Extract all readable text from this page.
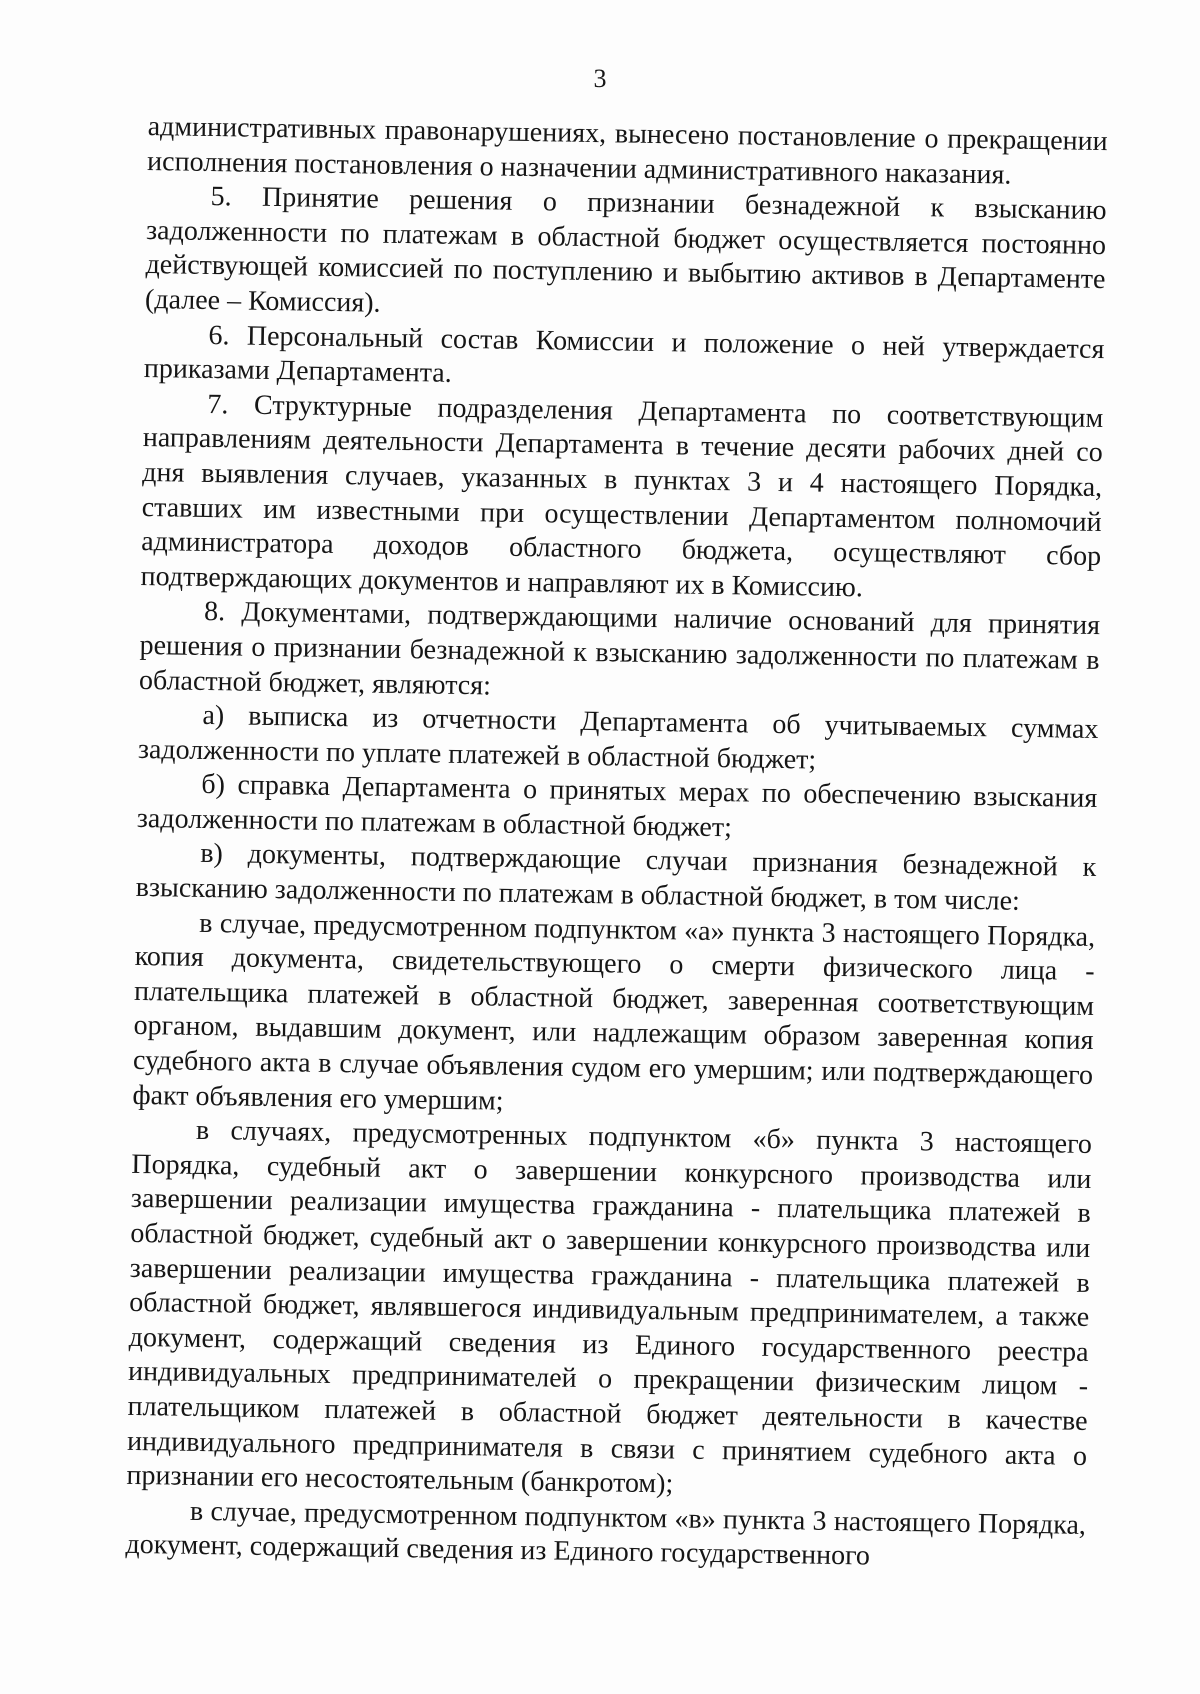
3

административных правонарушениях, вынесено постановление о прекращении исполнения постановления о назначении административного наказания.

5. Принятие решения о признании безнадежной к взысканию задолженности по платежам в областной бюджет осуществляется постоянно действующей комиссией по поступлению и выбытию активов в Департаменте (далее – Комиссия).

6. Персональный состав Комиссии и положение о ней утверждается приказами Департамента.

7. Структурные подразделения Департамента по соответствующим направлениям деятельности Департамента в течение десяти рабочих дней со дня выявления случаев, указанных в пунктах 3 и 4 настоящего Порядка, ставших им известными при осуществлении Департаментом полномочий администратора доходов областного бюджета, осуществляют сбор подтверждающих документов и направляют их в Комиссию.

8. Документами, подтверждающими наличие оснований для принятия решения о признании безнадежной к взысканию задолженности по платежам в областной бюджет, являются:

а) выписка из отчетности Департамента об учитываемых суммах задолженности по уплате платежей в областной бюджет;

б) справка Департамента о принятых мерах по обеспечению взыскания задолженности по платежам в областной бюджет;

в) документы, подтверждающие случаи признания безнадежной к взысканию задолженности по платежам в областной бюджет, в том числе:

в случае, предусмотренном подпунктом «а» пункта 3 настоящего Порядка, копия документа, свидетельствующего о смерти физического лица - плательщика платежей в областной бюджет, заверенная соответствующим органом, выдавшим документ, или надлежащим образом заверенная копия судебного акта в случае объявления судом его умершим; или подтверждающего факт объявления его умершим;

в случаях, предусмотренных подпунктом «б» пункта 3 настоящего Порядка, судебный акт о завершении конкурсного производства или завершении реализации имущества гражданина - плательщика платежей в областной бюджет, судебный акт о завершении конкурсного производства или завершении реализации имущества гражданина - плательщика платежей в областной бюджет, являвшегося индивидуальным предпринимателем, а также документ, содержащий сведения из Единого государственного реестра индивидуальных предпринимателей о прекращении физическим лицом - плательщиком платежей в областной бюджет деятельности в качестве индивидуального предпринимателя в связи с принятием судебного акта о признании его несостоятельным (банкротом);

в случае, предусмотренном подпунктом «в» пункта 3 настоящего Порядка, документ, содержащий сведения из Единого государственного
